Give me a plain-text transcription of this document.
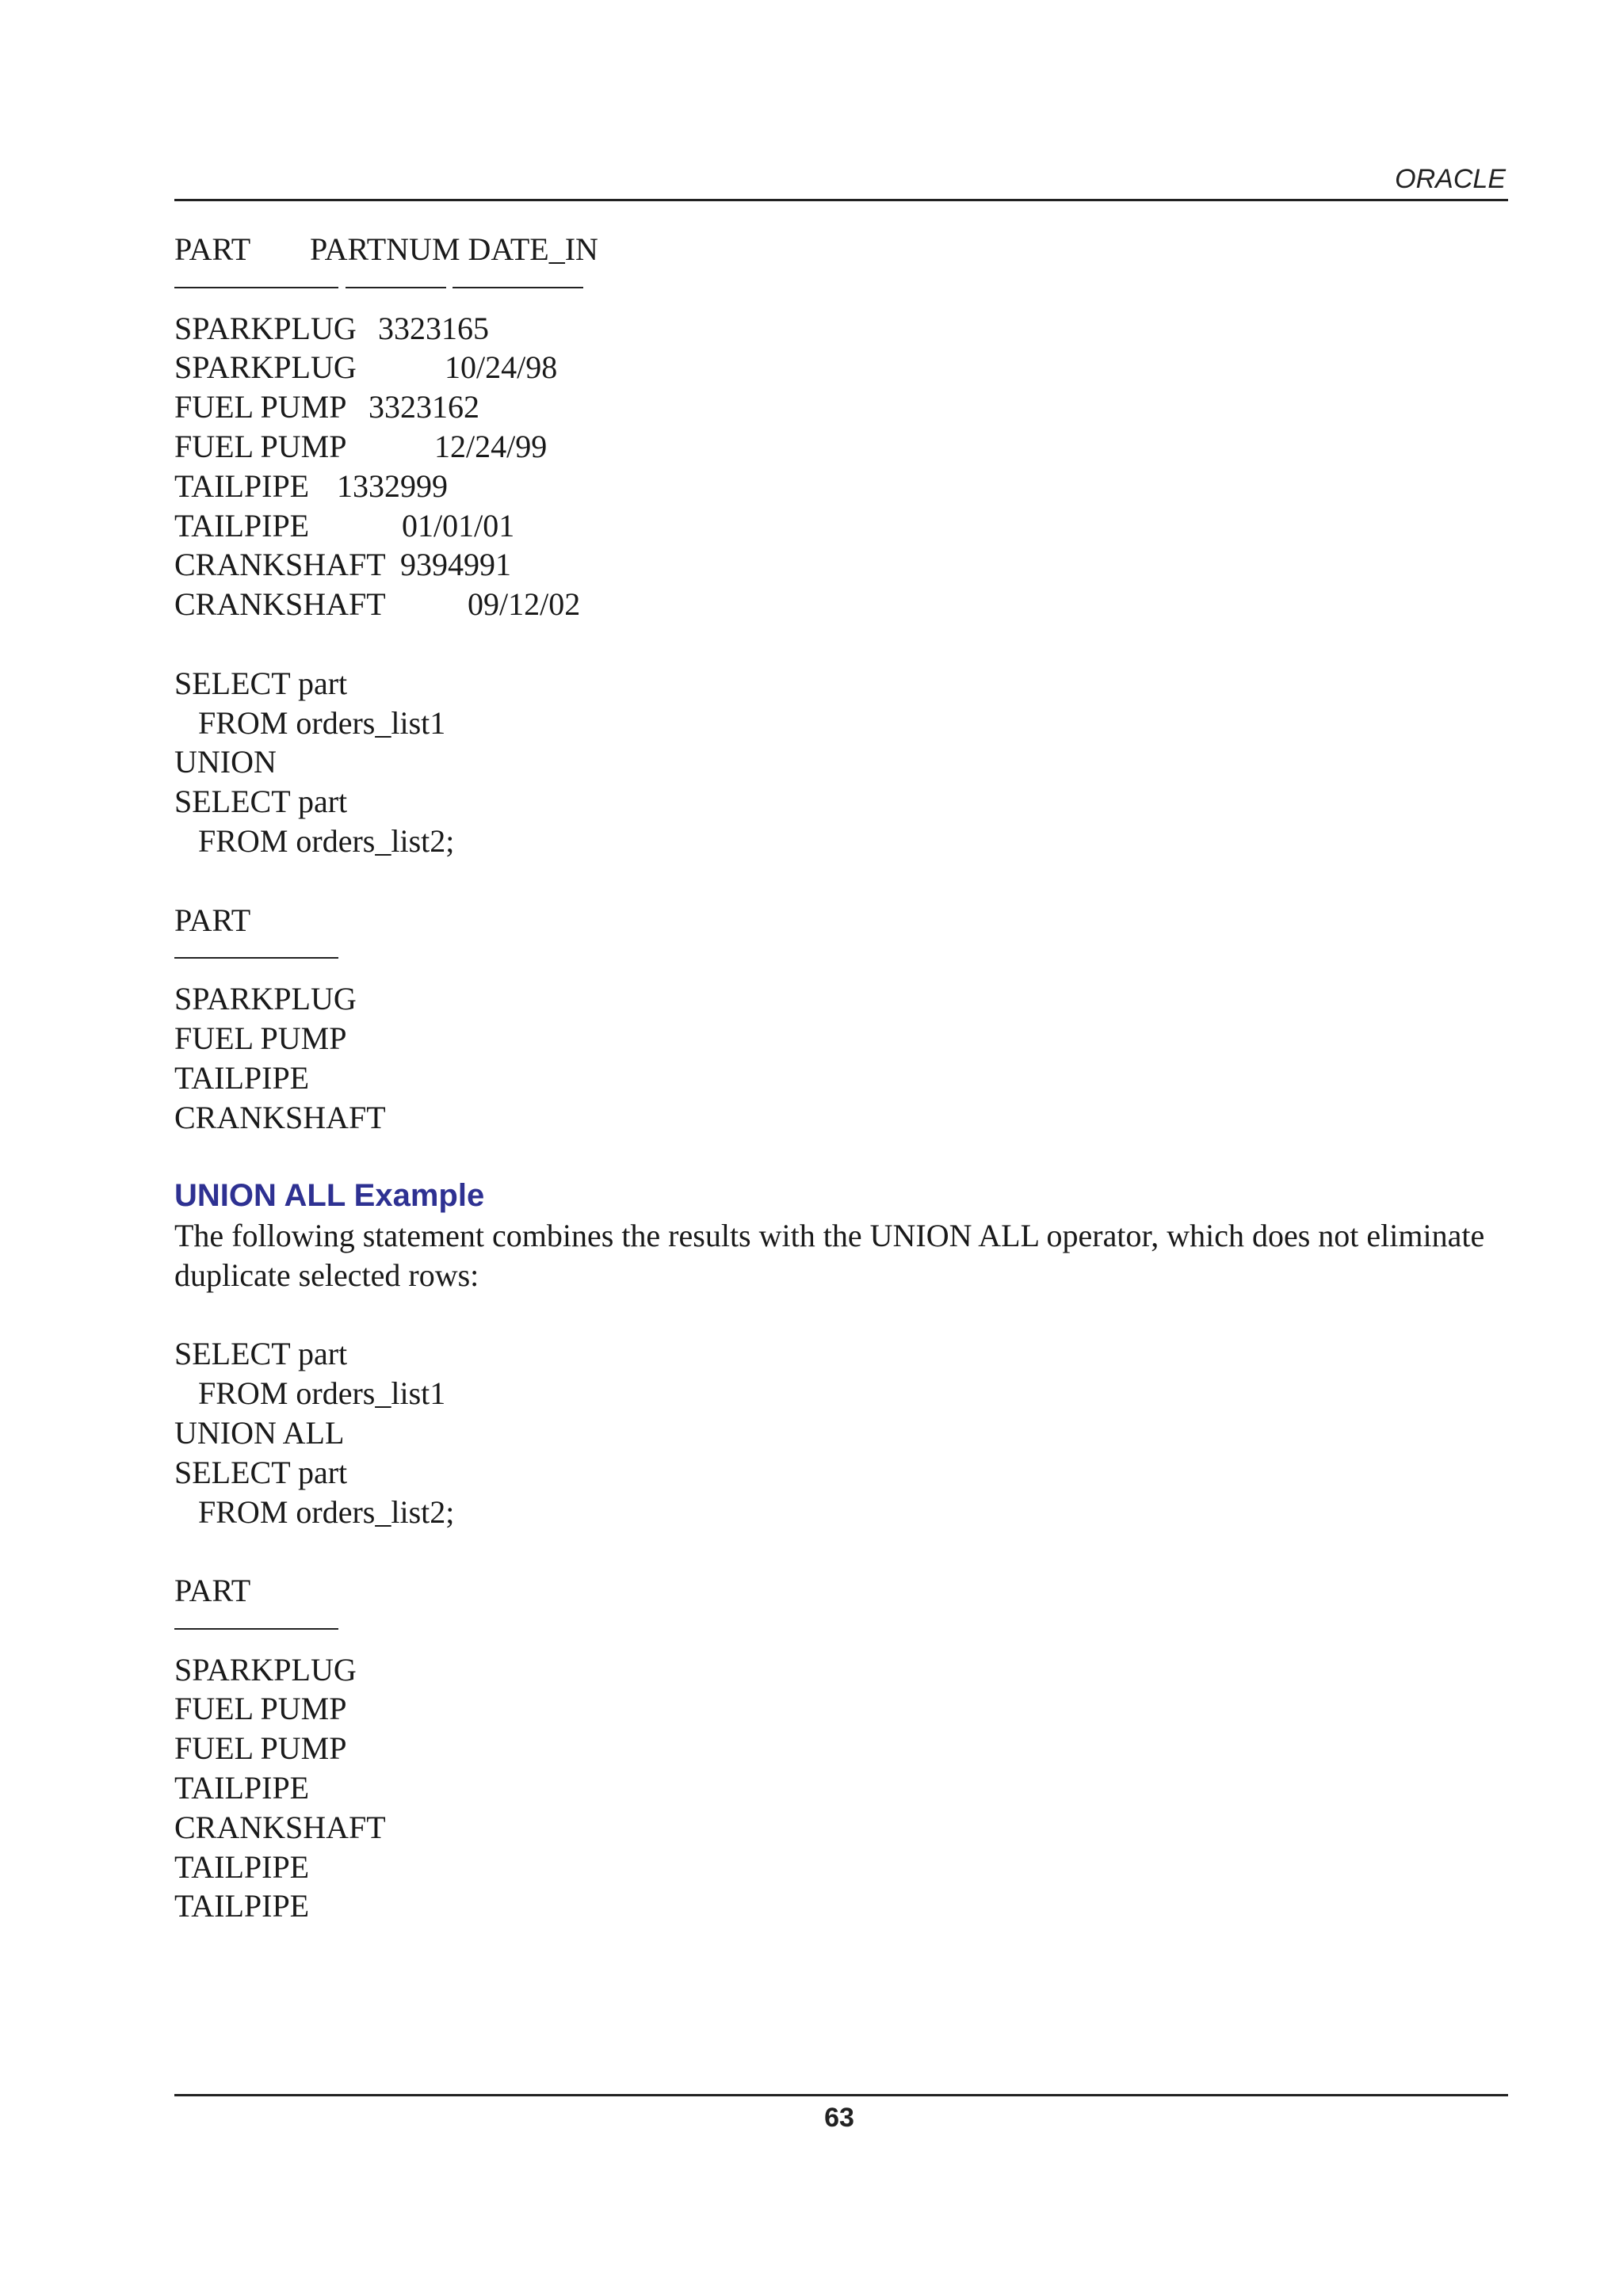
ORACLE
PART PARTNUM DATE_IN

SPARKPLUG 3323165
SPARKPLUG	10/24/98
FUEL PUMP 3323162
FUEL PUMP	12/24/99
TAILPIPE 1332999
TAILPIPE	01/01/01
CRANKSHAFT 9394991
CRANKSHAFT	09/12/02
SELECT part
FROM orders_list1
UNION
SELECT part
FROM orders_list2;
PART

SPARKPLUG
FUEL PUMP
TAILPIPE
CRANKSHAFT
UNION ALL Example
The following statement combines the results with the UNION ALL operator, which does not eliminate duplicate selected rows:
SELECT part
FROM orders_list1
UNION ALL
SELECT part
FROM orders_list2;
PART

SPARKPLUG
FUEL PUMP
FUEL PUMP
TAILPIPE
CRANKSHAFT
TAILPIPE
TAILPIPE
63
